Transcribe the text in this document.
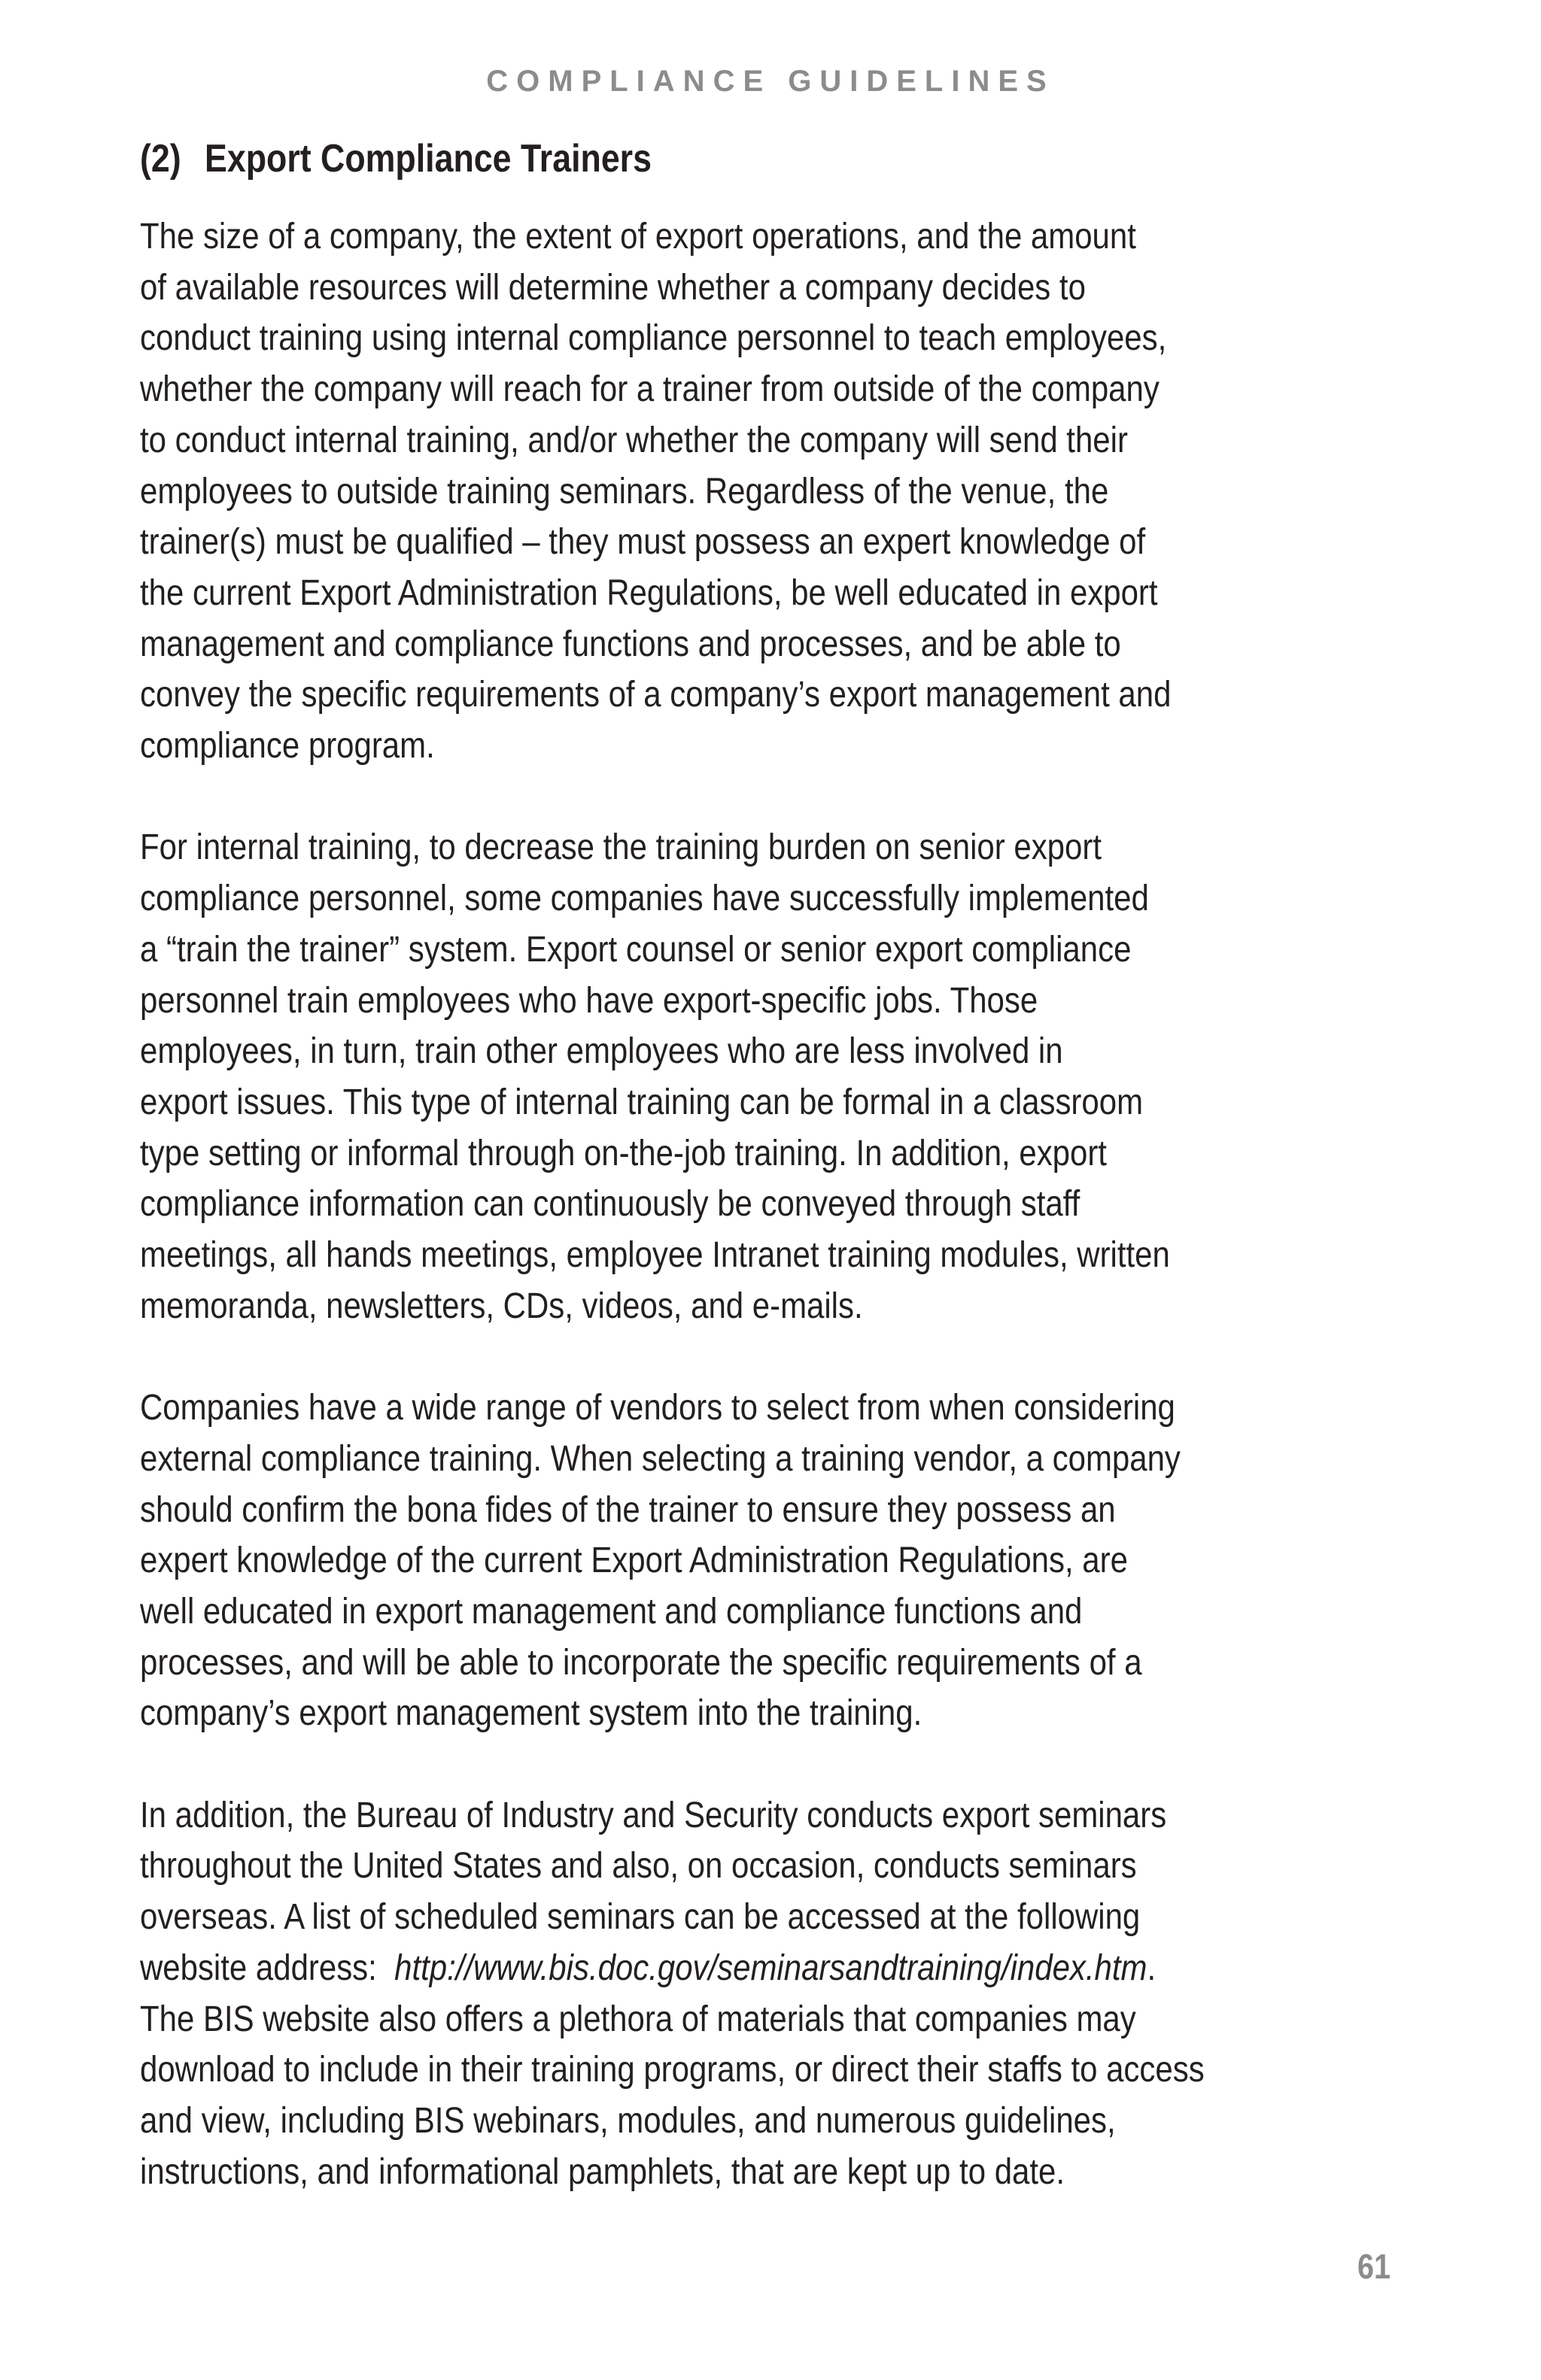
COMPLIANCE GUIDELINES
(2) Export Compliance Trainers

The size of a company, the extent of export operations, and the amount
of available resources will determine whether a company decides to
conduct training using internal compliance personnel to teach employees,
whether the company will reach for a trainer from outside of the company
to conduct internal training, and/or whether the company will send their
employees to outside training seminars. Regardless of the venue, the
trainer(s) must be qualified – they must possess an expert knowledge of
the current Export Administration Regulations, be well educated in export
management and compliance functions and processes, and be able to
convey the specific requirements of a company’s export management and
compliance program.

For internal training, to decrease the training burden on senior export
compliance personnel, some companies have successfully implemented
a “train the trainer” system. Export counsel or senior export compliance
personnel train employees who have export-specific jobs. Those
employees, in turn, train other employees who are less involved in
export issues. This type of internal training can be formal in a classroom
type setting or informal through on-the-job training. In addition, export
compliance information can continuously be conveyed through staff
meetings, all hands meetings, employee Intranet training modules, written
memoranda, newsletters, CDs, videos, and e-mails.

Companies have a wide range of vendors to select from when considering
external compliance training. When selecting a training vendor, a company
should confirm the bona fides of the trainer to ensure they possess an
expert knowledge of the current Export Administration Regulations, are
well educated in export management and compliance functions and
processes, and will be able to incorporate the specific requirements of a
company’s export management system into the training.

In addition, the Bureau of Industry and Security conducts export seminars
throughout the United States and also, on occasion, conducts seminars
overseas. A list of scheduled seminars can be accessed at the following
website address:  http://www.bis.doc.gov/seminarsandtraining/index.htm.
The BIS website also offers a plethora of materials that companies may
download to include in their training programs, or direct their staffs to access
and view, including BIS webinars, modules, and numerous guidelines,
instructions, and informational pamphlets, that are kept up to date.

61
